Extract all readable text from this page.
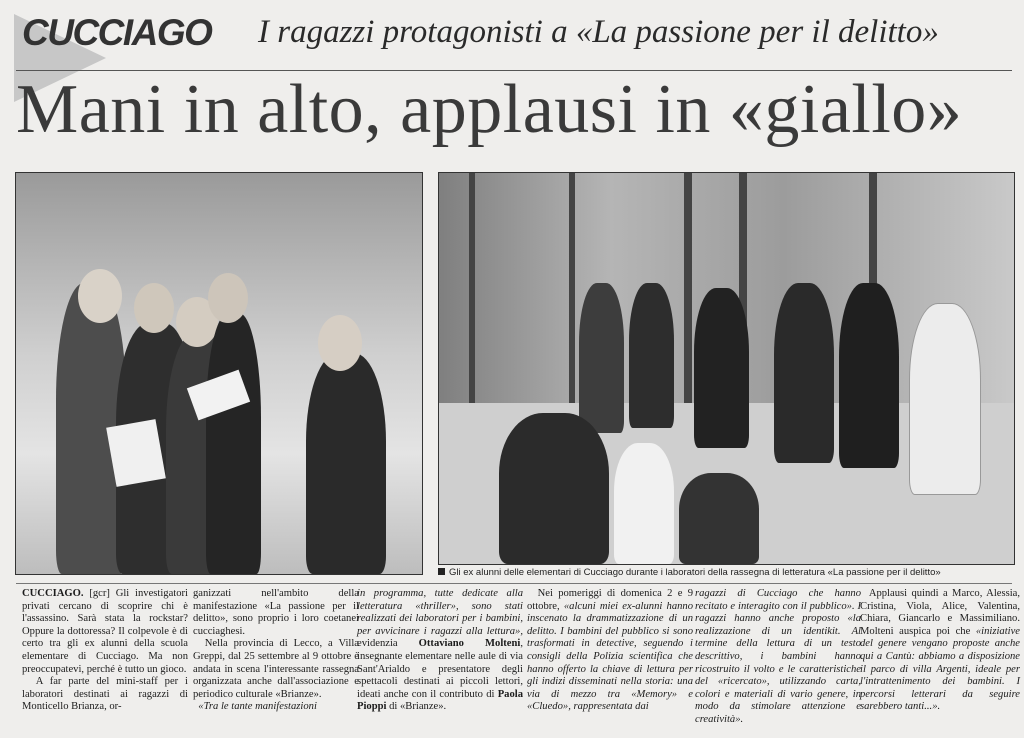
CUCCIAGO I ragazzi protagonisti a «La passione per il delitto»
Mani in alto, applausi in «giallo»
Gli ex alunni delle elementari di Cucciago durante i laboratori della rassegna di letteratura «La passione per il delitto»

CUCCIAGO. [gcr] Gli investigatori privati cercano di scoprire chi è l'assassino. Sarà stata la rockstar? Oppure la dottoressa? Il colpevole è di certo tra gli ex alunni della scuola elementare di Cucciago. Ma non preoccupatevi, perché è tutto un gioco.

A far parte del mini-staff per i laboratori destinati ai ragazzi di Monticello Brianza, or-

ganizzati nell'ambito della manifestazione «La passione per il delitto», sono proprio i loro coetanei cucciaghesi.

Nella provincia di Lecco, a Villa Greppi, dal 25 settembre al 9 ottobre è andata in scena l'interessante rassegna organizzata anche dall'associazione e periodico culturale «Brianze».

«Tra le tante manifestazioni

in programma, tutte dedicate alla letteratura «thriller», sono stati realizzati dei laboratori per i bambini, per avvicinare i ragazzi alla lettura», evidenzia Ottaviano Molteni, insegnante elementare nelle aule di via Sant'Arialdo e presentatore degli spettacoli destinati ai piccoli lettori, ideati anche con il contributo di Paola Pioppi di «Brianze».

Nei pomeriggi di domenica 2 e 9 ottobre, «alcuni miei ex-alunni hanno inscenato la drammatizzazione di un delitto. I bambini del pubblico si sono trasformati in detective, seguendo i consigli della Polizia scientifica che hanno offerto la chiave di lettura per gli indizi disseminati nella storia: una via di mezzo tra «Memory» e «Cluedo», rappresentata dai

ragazzi di Cucciago che hanno recitato e interagito con il pubblico». I ragazzi hanno anche proposto «la realizzazione di un identikit. Al termine della lettura di un testo descrittivo, i bambini hanno ricostruito il volto e le caratteristiche del «ricercato», utilizzando carta, colori e materiali di vario genere, in modo da stimolare attenzione e creatività».

Applausi quindi a Marco, Alessia, Cristina, Viola, Alice, Valentina, Chiara, Giancarlo e Massimiliano. Molteni auspica poi che «iniziative del genere vengano proposte anche qui a Cantù: abbiamo a disposizione il parco di villa Argenti, ideale per l'intrattenimento dei bambini. I percorsi letterari da seguire sarebbero tanti...».
